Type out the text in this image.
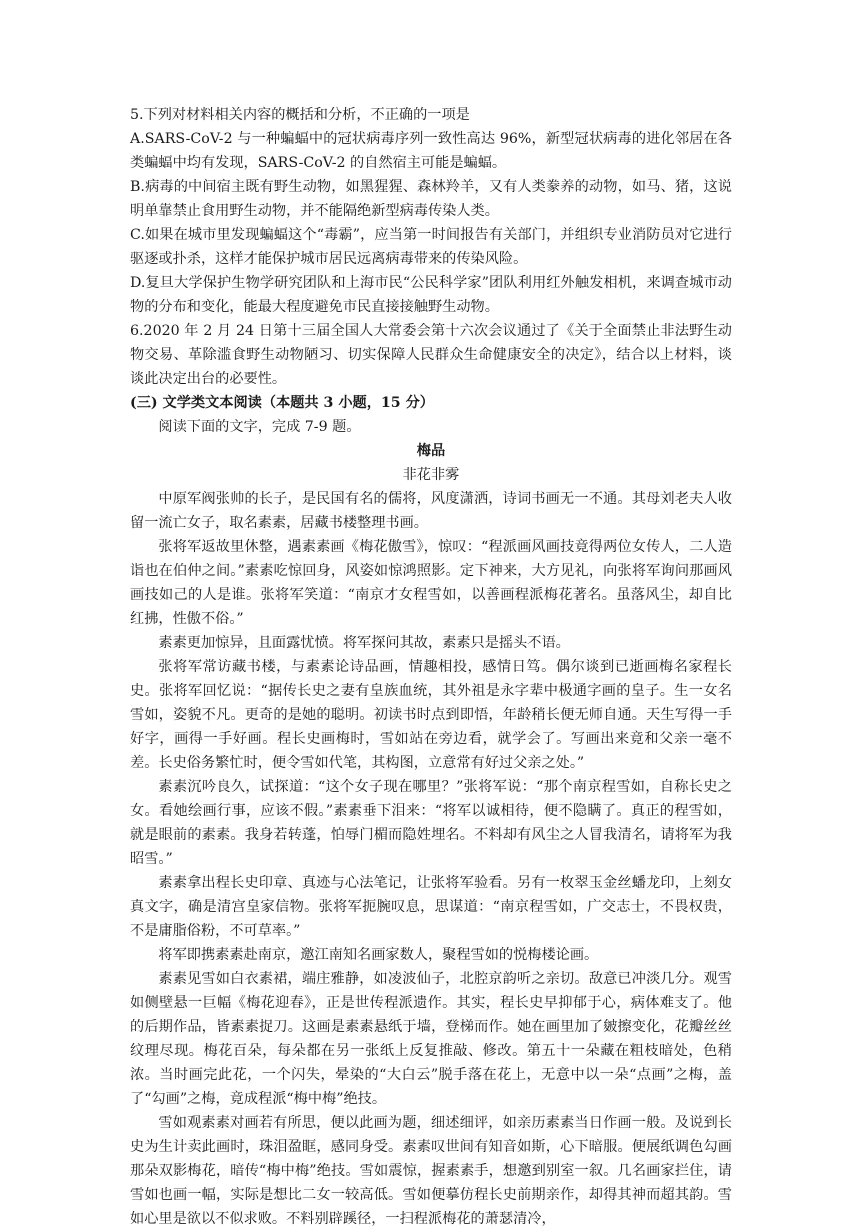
5.下列对材料相关内容的概括和分析，不正确的一项是

A.SARS-CoV-2 与一种蝙蝠中的冠状病毒序列一致性高达 96%，新型冠状病毒的进化邻居在各类蝙蝠中均有发现，SARS-CoV-2 的自然宿主可能是蝙蝠。

B.病毒的中间宿主既有野生动物，如黑猩猩、森林羚羊，又有人类豢养的动物，如马、猪，这说明单靠禁止食用野生动物，并不能隔绝新型病毒传染人类。

C.如果在城市里发现蝙蝠这个“毒霸”，应当第一时间报告有关部门，并组织专业消防员对它进行驱逐或扑杀，这样才能保护城市居民远离病毒带来的传染风险。

D.复旦大学保护生物学研究团队和上海市民“公民科学家”团队利用红外触发相机，来调查城市动物的分布和变化，能最大程度避免市民直接接触野生动物。

6.2020 年 2 月 24 日第十三届全国人大常委会第十六次会议通过了《关于全面禁止非法野生动物交易、革除滥食野生动物陋习、切实保障人民群众生命健康安全的决定》，结合以上材料，谈谈此决定出台的必要性。

(三) 文学类文本阅读（本题共 3 小题，15 分）

阅读下面的文字，完成 7-9 题。

梅品

非花非雾

中原军阀张帅的长子，是民国有名的儒将，风度潇洒，诗词书画无一不通。其母刘老夫人收留一流亡女子，取名素素，居藏书楼整理书画。

张将军返故里休整，遇素素画《梅花傲雪》，惊叹：“程派画风画技竟得两位女传人，二人造诣也在伯仲之间。”素素吃惊回身，风姿如惊鸿照影。定下神来，大方见礼，向张将军询问那画风画技如己的人是谁。张将军笑道：“南京才女程雪如，以善画程派梅花著名。虽落风尘，却自比红拂，性傲不俗。”

素素更加惊异，且面露忧愤。将军探问其故，素素只是摇头不语。

张将军常访藏书楼，与素素论诗品画，情趣相投，感情日笃。偶尔谈到已逝画梅名家程长史。张将军回忆说：“据传长史之妻有皇族血统，其外祖是永字辈中极通字画的皇子。生一女名雪如，姿貌不凡。更奇的是她的聪明。初读书时点到即悟，年龄稍长便无师自通。天生写得一手好字，画得一手好画。程长史画梅时，雪如站在旁边看，就学会了。写画出来竟和父亲一毫不差。长史俗务繁忙时，便令雪如代笔，其构图，立意常有好过父亲之处。”

素素沉吟良久，试探道：“这个女子现在哪里？”张将军说：“那个南京程雪如，自称长史之女。看她绘画行事，应该不假。”素素垂下泪来：“将军以诚相待，便不隐瞒了。真正的程雪如，就是眼前的素素。我身若转蓬，怕辱门楣而隐姓埋名。不料却有风尘之人冒我清名，请将军为我昭雪。”

素素拿出程长史印章、真迹与心法笔记，让张将军验看。另有一枚翠玉金丝蟠龙印，上刻女真文字，确是清宫皇家信物。张将军扼腕叹息，思谋道：“南京程雪如，广交志士，不畏权贵，不是庸脂俗粉，不可草率。”

将军即携素素赴南京，邀江南知名画家数人，聚程雪如的悦梅楼论画。

素素见雪如白衣素裙，端庄雅静，如凌波仙子，北腔京韵听之亲切。敌意已冲淡几分。观雪如侧壁悬一巨幅《梅花迎春》，正是世传程派遗作。其实，程长史早抑郁于心，病体难支了。他的后期作品，皆素素捉刀。这画是素素悬纸于墙，登梯而作。她在画里加了皴擦变化，花瓣丝丝纹理尽现。梅花百朵，每朵都在另一张纸上反复推敲、修改。第五十一朵藏在粗枝暗处，色稍浓。当时画完此花，一个闪失，晕染的“大白云”脱手落在花上，无意中以一朵“点画”之梅，盖了“勾画”之梅，竟成程派“梅中梅”绝技。

雪如观素素对画若有所思，便以此画为题，细述细评，如亲历素素当日作画一般。及说到长史为生计卖此画时，珠泪盈眶，感同身受。素素叹世间有知音如斯，心下暗服。便展纸调色勾画那朵双影梅花，暗传“梅中梅”绝技。雪如震惊，握素素手，想邀到别室一叙。几名画家拦住，请雪如也画一幅，实际是想比二女一较高低。雪如便摹仿程长史前期亲作，却得其神而超其韵。雪如心里是欲以不似求败。不料别辟蹊径，一扫程派梅花的萧瑟清冷，
